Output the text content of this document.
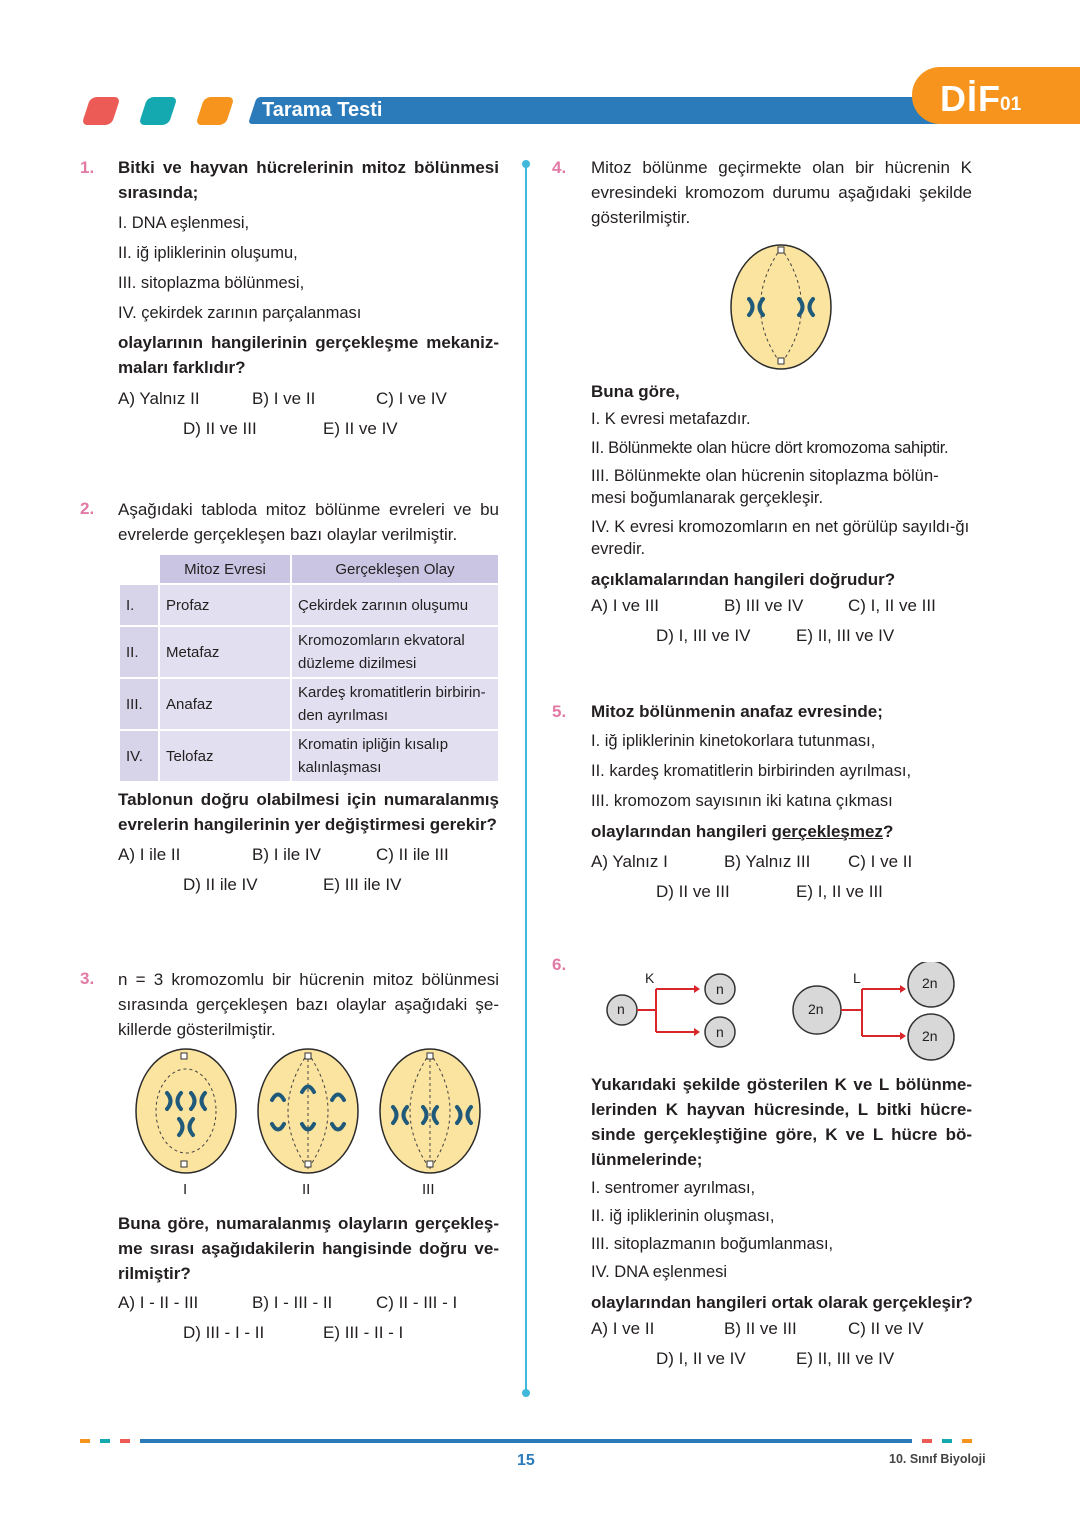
Tarama Testi	DİF 01
1. Bitki ve hayvan hücrelerinin mitoz bölünmesi sırasında;
I. DNA eşlenmesi,
II. iğ ipliklerinin oluşumu,
III. sitoplazma bölünmesi,
IV. çekirdek zarının parçalanması
olaylarının hangilerinin gerçekleşme mekaniz-maları farklıdır?
A) Yalnız II	B) I ve II	C) I ve IV
D) II ve III	E) II ve IV
2. Aşağıdaki tabloda mitoz bölünme evreleri ve bu evrelerde gerçekleşen bazı olaylar verilmiştir.
	Mitoz Evresi	Gerçekleşen Olay
I.	Profaz	Çekirdek zarının oluşumu
II.	Metafaz	Kromozomların ekvatoral düzleme dizilmesi
III.	Anafaz	Kardeş kromatitlerin birbirin-den ayrılması
IV.	Telofaz	Kromatin ipliğin kısalıp kalınlaşması
Tablonun doğru olabilmesi için numaralanmış evrelerin hangilerinin yer değiştirmesi gerekir?
A) I ile II	B) I ile IV	C) II ile III
D) II ile IV	E) III ile IV
3. n = 3 kromozomlu bir hücrenin mitoz bölünmesi sırasında gerçekleşen bazı olaylar aşağıdaki şe-killerde gösterilmiştir.
I	II	III
Buna göre, numaralanmış olayların gerçekleş-me sırası aşağıdakilerin hangisinde doğru ve-rilmiştir?
A) I - II - III	B) I - III - II	C) II - III - I
D) III - I - II	E) III - II - I
4. Mitoz bölünme geçirmekte olan bir hücrenin K evresindeki kromozom durumu aşağıdaki şekilde gösterilmiştir.
Buna göre,
I. K evresi metafazdır.
II. Bölünmekte olan hücre dört kromozoma sahiptir.
III. Bölünmekte olan hücrenin sitoplazma bölün-mesi boğumlanarak gerçekleşir.
IV. K evresi kromozomların en net görülüp sayıldı-ğı evredir.
açıklamalarından hangileri doğrudur?
A) I ve III	B) III ve IV	C) I, II ve III
D) I, III ve IV	E) II, III ve IV
5. Mitoz bölünmenin anafaz evresinde;
I. iğ ipliklerinin kinetokorlara tutunması,
II. kardeş kromatitlerin birbirinden ayrılması,
III. kromozom sayısının iki katına çıkması
olaylarından hangileri gerçekleşmez?
A) Yalnız I	B) Yalnız III C) I ve II
D) II ve III	E) I, II ve III
6.
K	L
n
n
n
2n
2n
2n
Yukarıdaki şekilde gösterilen K ve L bölünme-lerinden K hayvan hücresinde, L bitki hücre-sinde gerçekleştiğine göre, K ve L hücre bö-lünmelerinde;
I. sentromer ayrılması,
II. iğ ipliklerinin oluşması,
III. sitoplazmanın boğumlanması,
IV. DNA eşlenmesi
olaylarından hangileri ortak olarak gerçekleşir?
A) I ve II	B) II ve III	C) II ve IV
D) I, II ve IV	E) II, III ve IV
15	10. Sınıf Biyoloji
